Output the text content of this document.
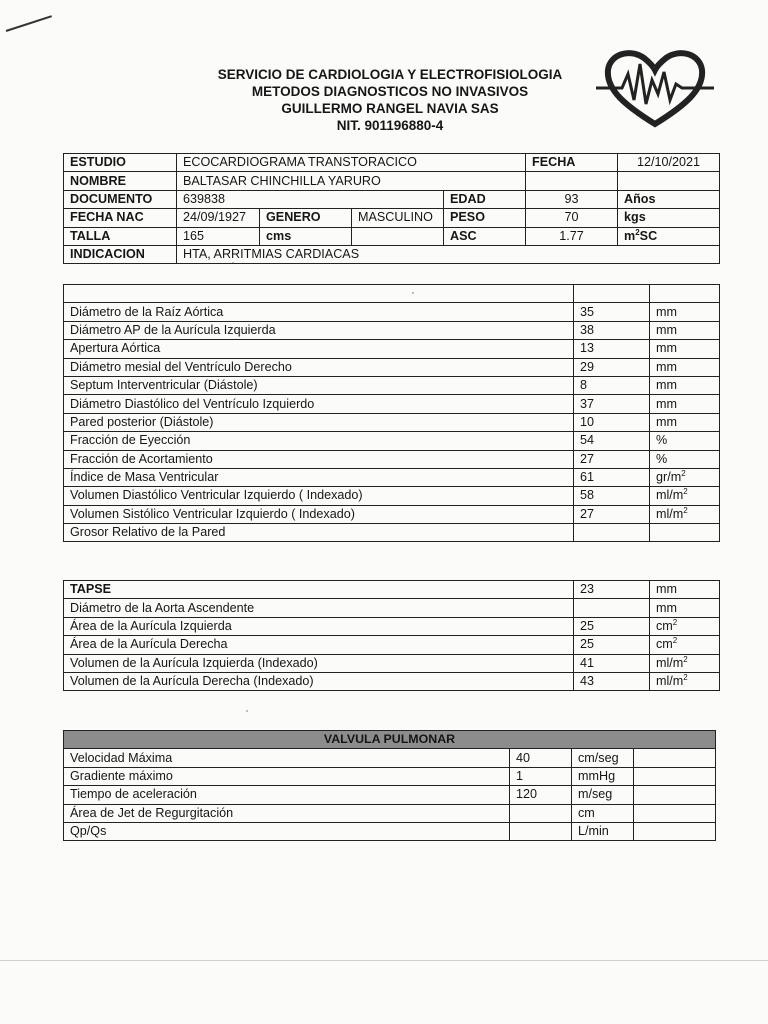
SERVICIO DE CARDIOLOGIA Y ELECTROFISIOLOGIA
METODOS DIAGNOSTICOS NO INVASIVOS
GUILLERMO RANGEL NAVIA SAS
NIT. 901196880-4
ESTUDIO	ECOCARDIOGRAMA TRANSTORACICO				FECHA	12/10/2021
NOMBRE	BALTASAR CHINCHILLA YARURO					
DOCUMENTO	639838			EDAD	93	Años
FECHA NAC	24/09/1927	GENERO	MASCULINO	PESO	70	kgs
TALLA	165	cms		ASC	1.77	$m^2SC$
INDICACION	HTA, ARRITMIAS CARDIACAS					

Diámetro de la Raíz Aórtica	35	mm
Diámetro AP de la Aurícula Izquierda	38	mm
Apertura Aórtica	13	mm
Diámetro mesial del Ventrículo Derecho	29	mm
Septum Interventricular (Diástole)	8	mm
Diámetro Diastólico del Ventrículo Izquierdo	37	mm
Pared posterior (Diástole)	10	mm
Fracción de Eyección	54	%
Fracción de Acortamiento	27	%
Índice de Masa Ventricular	61	$gr/m^2$
Volumen Diastólico Ventricular Izquierdo ( Indexado)	58	$ml/m^2$
Volumen Sistólico Ventricular Izquierdo ( Indexado)	27	$ml/m^2$
Grosor Relativo de la Pared		
TAPSE	23	mm
Diámetro de la Aorta Ascendente		mm
Área de la Aurícula Izquierda	25	$cm^2$
Área de la Aurícula Derecha	25	$cm^2$
Volumen de la Aurícula Izquierda (Indexado)	41	$ml/m^2$
Volumen de la Aurícula Derecha (Indexado)	43	$ml/m^2$
VALVULA PULMONAR			
Velocidad Máxima	40	cm/seg	
Gradiente máximo	1	mmHg	
Tiempo de aceleración	120	m/seg	
Área de Jet de Regurgitación		cm	
Qp/Qs		L/min	
